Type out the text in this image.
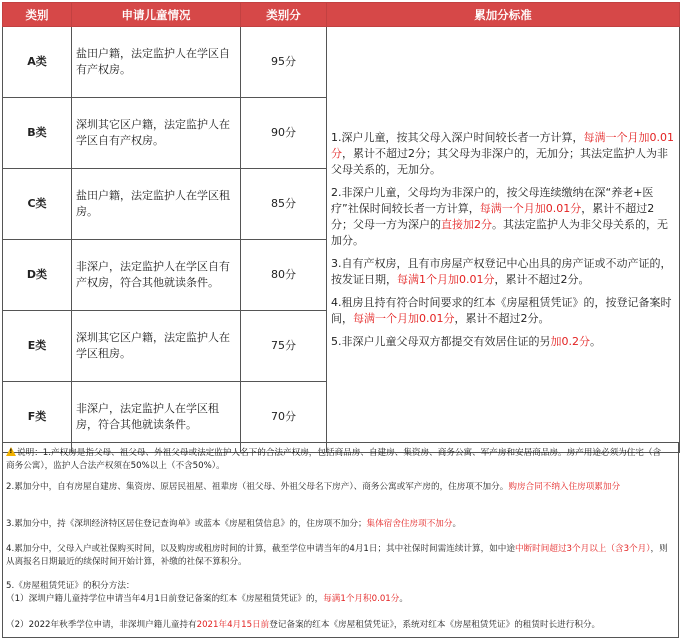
类别	申请儿童情况	类别分	累加分标准
A类	盐田户籍，法定监护人在学区自有产权房。	95分	1.深户儿童，按其父母入深户时间较长者一方计算，每满一个月加0.01分，累计不超过2分；其父母为非深户的，无加分；其法定监护人为非父母关系的，无加分。

2.非深户儿童，父母均为非深户的，按父母连续缴纳在深“养老+医疗”社保时间较长者一方计算，每满一个月加0.01分，累计不超过2分；父母一方为深户的直接加2分。其法定监护人为非父母关系的，无加分。

3.自有产权房，且有市房屋产权登记中心出具的房产证或不动产证的，按发证日期，每满1个月加0.01分，累计不超过2分。

4.租房且持有符合时间要求的红本《房屋租赁凭证》的，按登记备案时间，每满一个月加0.01分，累计不超过2分。

5.非深户儿童父母双方都提交有效居住证的另加0.2分。

B类	深圳其它区户籍，法定监护人在学区自有产权房。	90分	
C类	盐田户籍，法定监护人在学区租房。	85分	
D类	非深户，法定监护人在学区自有产权房，符合其他就读条件。	80分	
E类	深圳其它区户籍，法定监护人在学区租房。	75分	
F类	非深户，法定监护人在学区租房，符合其他就读条件。	70分	
! 说明：1.产权房是指父母、祖父母、外祖父母或法定监护人名下的合法产权房，包括商品房、自建房、集资房、商务公寓、军产房和安居商品房。房产用途必须为住宅（含商务公寓），监护人合法产权须在50%以上（不含50%）。
2.累加分中，自有房屋自建房、集资房、原居民祖屋、祖辈房（祖父母、外祖父母名下房产）、商务公寓或军产房的，住房项不加分。购房合同不纳入住房项累加分
3.累加分中，持《深圳经济特区居住登记查询单》或蓝本《房屋租赁信息》的，住房项不加分；集体宿舍住房项不加分。
4.累加分中，父母入户或社保购买时间，以及购房或租房时间的计算，截至学位申请当年的4月1日；其中社保时间需连续计算，如中途中断时间超过3个月以上（含3个月），则从离报名日期最近的续保时间开始计算，补缴的社保不算积分。
5.《房屋租赁凭证》的积分方法：
（1）深圳户籍儿童持学位申请当年4月1日前登记备案的红本《房屋租赁凭证》的，每满1个月积0.01分。
（2）2022年秋季学位申请，非深圳户籍儿童持有2021年4月15日前登记备案的红本《房屋租赁凭证》，系统对红本《房屋租赁凭证》的租赁时长进行积分。
